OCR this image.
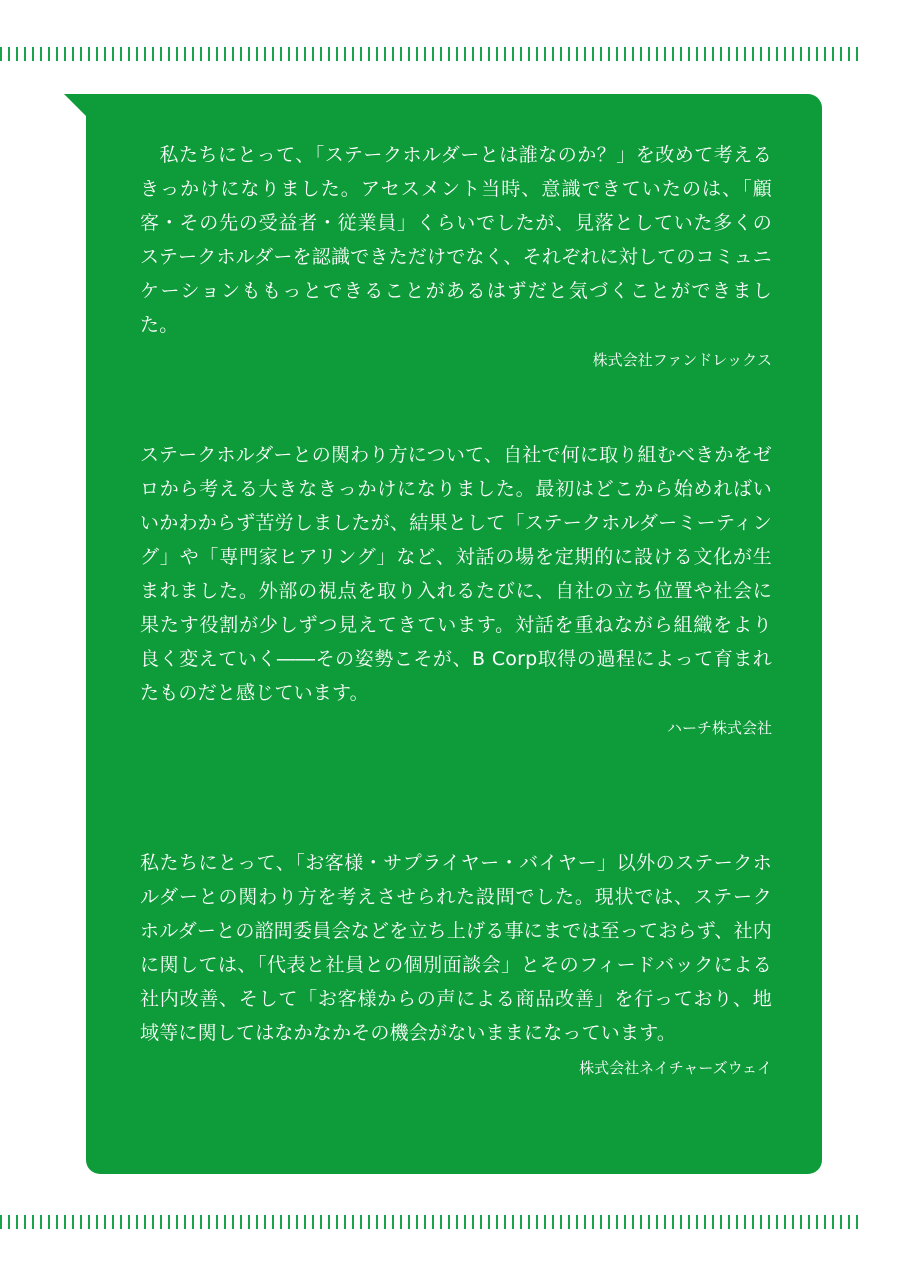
　私たちにとって、「ステークホルダーとは誰なのか？」を改めて考えるきっかけになりました。アセスメント当時、意識できていたのは、「顧客・その先の受益者・従業員」くらいでしたが、見落としていた多くのステークホルダーを認識できただけでなく、それぞれに対してのコミュニケーションももっとできることがあるはずだと気づくことができました。

株式会社ファンドレックス

ステークホルダーとの関わり方について、自社で何に取り組むべきかをゼロから考える大きなきっかけになりました。最初はどこから始めればいいかわからず苦労しましたが、結果として「ステークホルダーミーティング」や「専門家ヒアリング」など、対話の場を定期的に設ける文化が生まれました。外部の視点を取り入れるたびに、自社の立ち位置や社会に果たす役割が少しずつ見えてきています。対話を重ねながら組織をより良く変えていく――その姿勢こそが、B Corp取得の過程によって育まれたものだと感じています。

ハーチ株式会社

私たちにとって、「お客様・サプライヤー・バイヤー」以外のステークホルダーとの関わり方を考えさせられた設問でした。現状では、ステークホルダーとの諮問委員会などを立ち上げる事にまでは至っておらず、社内に関しては、「代表と社員との個別面談会」とそのフィードバックによる社内改善、そして「お客様からの声による商品改善」を行っており、地域等に関してはなかなかその機会がないままになっています。

株式会社ネイチャーズウェイ
